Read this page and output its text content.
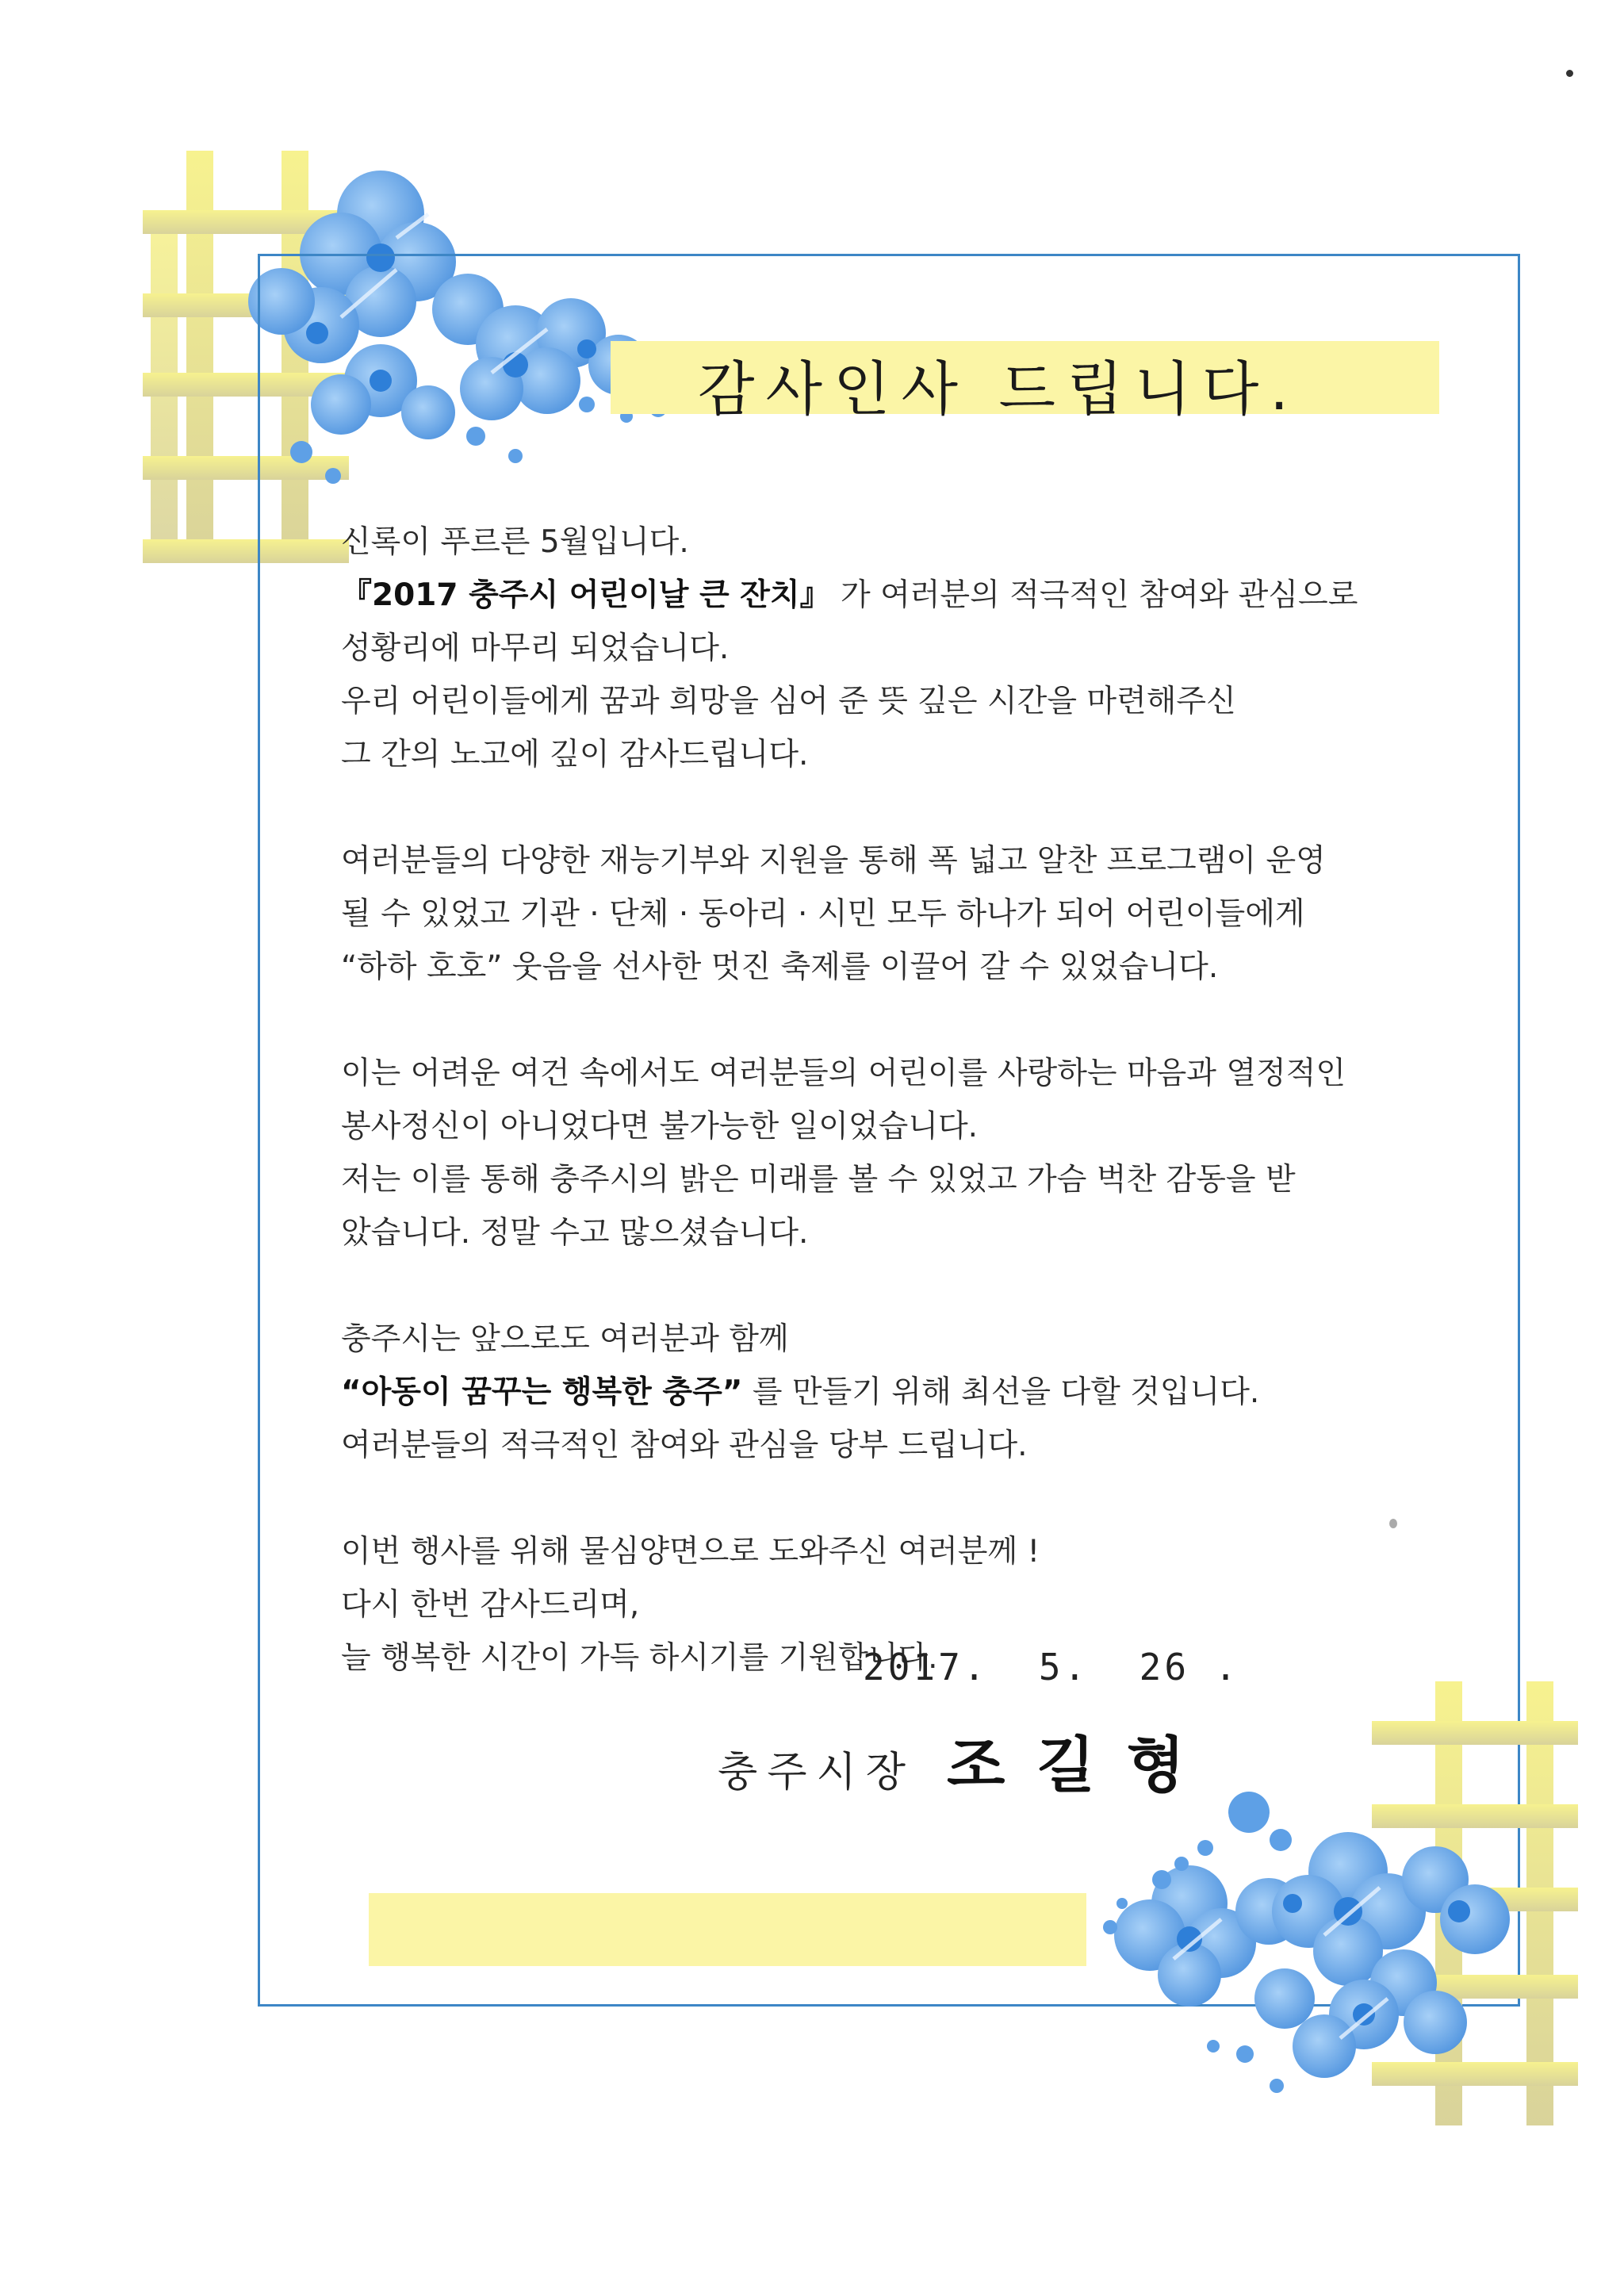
감사인사 드립니다.
신록이 푸르른 5월입니다.
『2017 충주시 어린이날 큰 잔치』 가 여러분의 적극적인 참여와 관심으로
성황리에 마무리 되었습니다.
우리 어린이들에게 꿈과 희망을 심어 준 뜻 깊은 시간을 마련해주신
그 간의 노고에 깊이 감사드립니다.
여러분들의 다양한 재능기부와 지원을 통해 폭 넓고 알찬 프로그램이 운영
될 수 있었고 기관 · 단체 · 동아리 · 시민 모두 하나가 되어 어린이들에게
“하하 호호” 웃음을 선사한 멋진 축제를 이끌어 갈 수 있었습니다.
이는 어려운 여건 속에서도 여러분들의 어린이를 사랑하는 마음과 열정적인
봉사정신이 아니었다면 불가능한 일이었습니다.
저는 이를 통해 충주시의 밝은 미래를 볼 수 있었고 가슴 벅찬 감동을 받
았습니다. 정말 수고 많으셨습니다.
충주시는 앞으로도 여러분과 함께
“아동이 꿈꾸는 행복한 충주” 를 만들기 위해 최선을 다할 것입니다.
여러분들의 적극적인 참여와 관심을 당부 드립니다.
이번 행사를 위해 물심양면으로 도와주신 여러분께 !
다시 한번 감사드리며,
늘 행복한 시간이 가득 하시기를 기원합니다.
2017.  5.  26 .
충주시장 조길형
